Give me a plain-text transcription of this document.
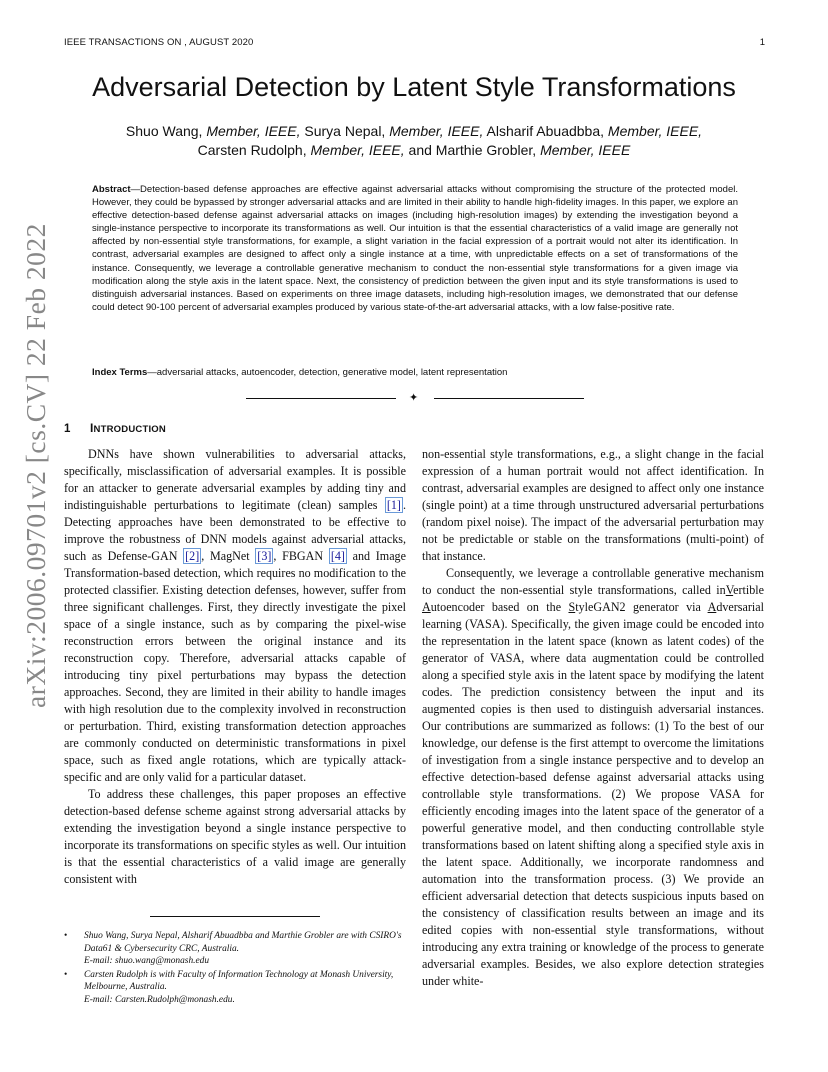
IEEE TRANSACTIONS ON , AUGUST 2020	1
arXiv:2006.09701v2 [cs.CV] 22 Feb 2022
Adversarial Detection by Latent Style Transformations
Shuo Wang, Member, IEEE, Surya Nepal, Member, IEEE, Alsharif Abuadbba, Member, IEEE,
Carsten Rudolph, Member, IEEE, and Marthie Grobler, Member, IEEE
Abstract—Detection-based defense approaches are effective against adversarial attacks without compromising the structure of the protected model. However, they could be bypassed by stronger adversarial attacks and are limited in their ability to handle high-fidelity images. In this paper, we explore an effective detection-based defense against adversarial attacks on images (including high-resolution images) by extending the investigation beyond a single-instance perspective to incorporate its transformations as well. Our intuition is that the essential characteristics of a valid image are generally not affected by non-essential style transformations, for example, a slight variation in the facial expression of a portrait would not alter its identification. In contrast, adversarial examples are designed to affect only a single instance at a time, with unpredictable effects on a set of transformations of the instance. Consequently, we leverage a controllable generative mechanism to conduct the non-essential style transformations for a given image via modification along the style axis in the latent space. Next, the consistency of prediction between the given input and its style transformations is used to distinguish adversarial instances. Based on experiments on three image datasets, including high-resolution images, we demonstrated that our defense could detect 90-100 percent of adversarial examples produced by various state-of-the-art adversarial attacks, with a low false-positive rate.
Index Terms—adversarial attacks, autoencoder, detection, generative model, latent representation
✦
1 INTRODUCTION

DNNs have shown vulnerabilities to adversarial attacks, specifically, misclassification of adversarial examples. It is possible for an attacker to generate adversarial examples by adding tiny and indistinguishable perturbations to legitimate (clean) samples [1] . Detecting approaches have been demonstrated to be effective to improve the robustness of DNN models against adversarial attacks, such as Defense-GAN [2] , MagNet [3] , FBGAN [4] and Image Transformation-based detection, which requires no modification to the protected classifier. Existing detection defenses, however, suffer from three significant challenges. First, they directly investigate the pixel space of a single instance, such as by comparing the pixel-wise reconstruction errors between the original instance and its reconstruction copy. Therefore, adversarial attacks capable of introducing tiny pixel perturbations may bypass the detection approaches. Second, they are limited in their ability to handle images with high resolution due to the complexity involved in reconstruction or perturbation. Third, existing transformation detection approaches are commonly conducted on deterministic transformations in pixel space, such as fixed angle rotations, which are typically attack-specific and are only valid for a particular dataset.

To address these challenges, this paper proposes an effective detection-based defense scheme against strong adversarial attacks by extending the investigation beyond a single instance perspective to incorporate its transformations on specific styles as well. Our intuition is that the essential characteristics of a valid image are generally consistent with

non-essential style transformations, e.g., a slight change in the facial expression of a human portrait would not affect identification. In contrast, adversarial examples are designed to affect only one instance (single point) at a time through unstructured adversarial perturbations (random pixel noise). The impact of the adversarial perturbation may not be predictable or stable on the transformations (multi-point) of that instance.

Consequently, we leverage a controllable generative mechanism to conduct the non-essential style transformations, called inVertible Autoencoder based on the StyleGAN2 generator via Adversarial learning (VASA). Specifically, the given image could be encoded into the representation in the latent space (known as latent codes) of the generator of VASA, where data augmentation could be controlled along a specified style axis in the latent space by modifying the latent codes. The prediction consistency between the input and its augmented copies is then used to distinguish adversarial instances. Our contributions are summarized as follows: (1) To the best of our knowledge, our defense is the first attempt to overcome the limitations of investigation from a single instance perspective and to develop an effective detection-based defense against adversarial attacks using controllable style transformations. (2) We propose VASA for efficiently encoding images into the latent space of the generator of a powerful generative model, and then conducting controllable style transformations based on latent shifting along a specified style axis in the latent space. Additionally, we incorporate randomness and automation into the transformation process. (3) We provide an efficient adversarial detection that detects suspicious inputs based on the consistency of classification results between an image and its edited copies with non-essential style transformations, without introducing any extra training or knowledge of the process to generate adversarial examples. Besides, we also explore detection strategies under white-

• Shuo Wang, Surya Nepal, Alsharif Abuadbba and Marthie Grobler are with CSIRO's Data61 & Cybersecurity CRC, Australia.
E-mail: shuo.wang@monash.edu
• Carsten Rudolph is with Faculty of Information Technology at Monash University, Melbourne, Australia.
E-mail: Carsten.Rudolph@monash.edu.
